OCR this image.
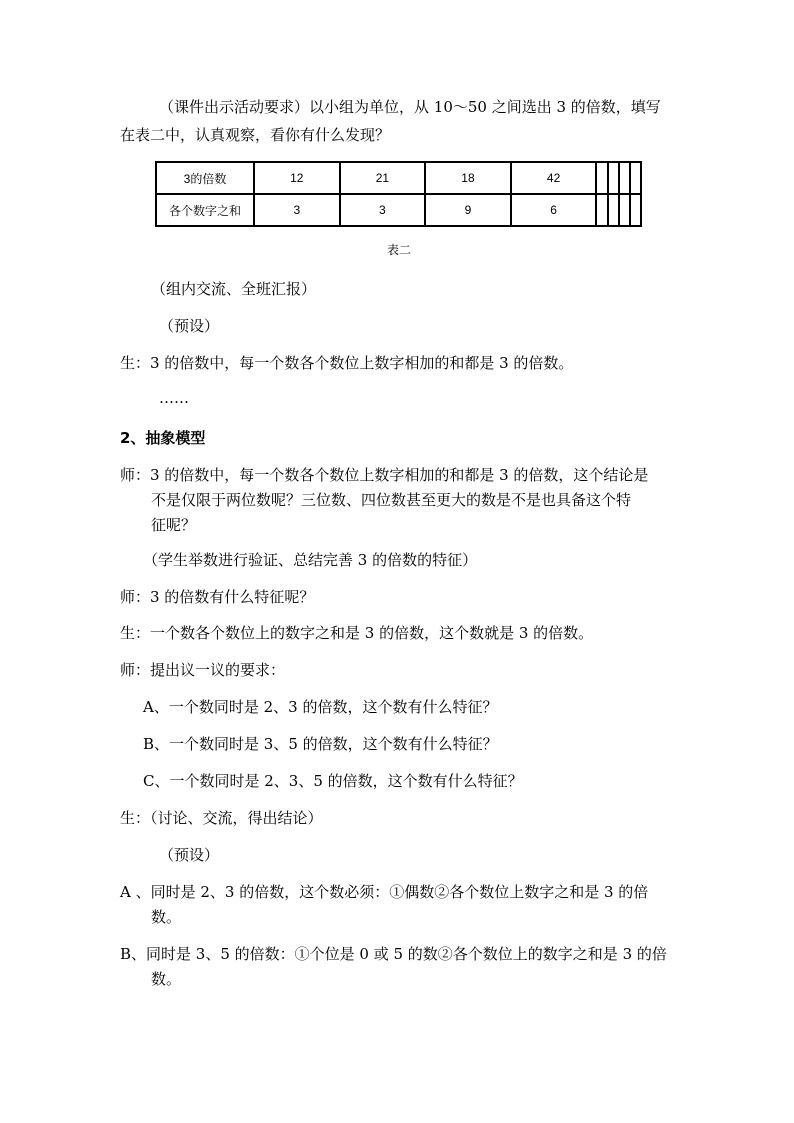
（课件出示活动要求）以小组为单位，从 10～50 之间选出 3 的倍数，填写
在表二中，认真观察，看你有什么发现？
3的倍数	12	21	18	42				
各个数字之和	3	3	9	6				
表二
（组内交流、全班汇报）
（预设）
生：3 的倍数中，每一个数各个数位上数字相加的和都是 3 的倍数。
……
2、抽象模型
师：3 的倍数中，每一个数各个数位上数字相加的和都是 3 的倍数，这个结论是
不是仅限于两位数呢？三位数、四位数甚至更大的数是不是也具备这个特
征呢？
（学生举数进行验证、总结完善 3 的倍数的特征）
师：3 的倍数有什么特征呢？
生：一个数各个数位上的数字之和是 3 的倍数，这个数就是 3 的倍数。
师：提出议一议的要求：
A、一个数同时是 2、3 的倍数，这个数有什么特征？
B、一个数同时是 3、5 的倍数，这个数有什么特征？
C、一个数同时是 2、3、5 的倍数，这个数有什么特征？
生：（讨论、交流，得出结论）
（预设）
A 、同时是 2、3 的倍数，这个数必须：①偶数②各个数位上数字之和是 3 的倍
数。
B、同时是 3、5 的倍数：①个位是 0 或 5 的数②各个数位上的数字之和是 3 的倍
数。
